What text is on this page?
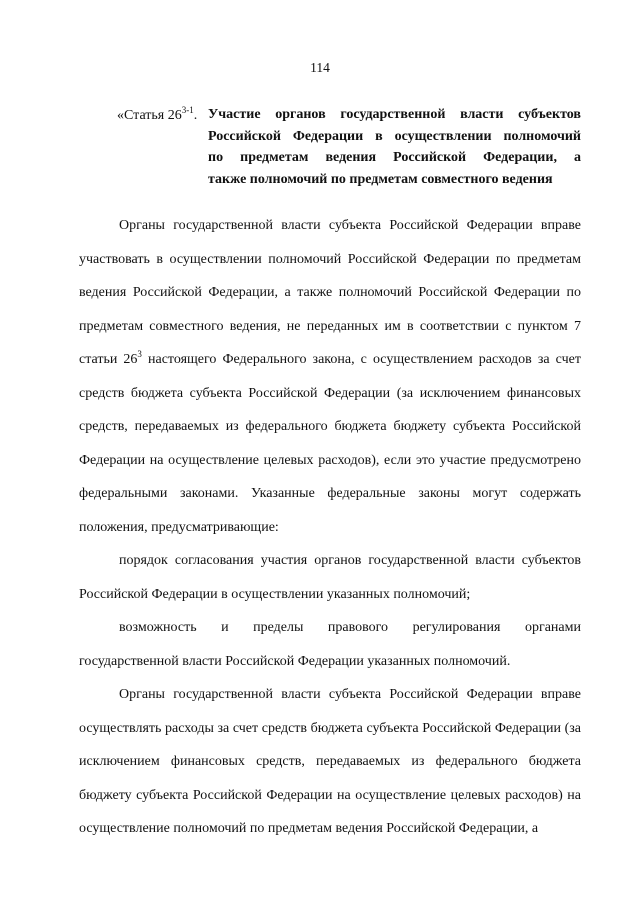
114
«Статья 26$^{3-1}$. Участие органов государственной власти субъектов
Российской Федерации в осуществлении полномочий
по предметам ведения Российской Федерации, а
также полномочий по предметам совместного ведения

Органы государственной власти субъекта Российской Федерации вправе участвовать в осуществлении полномочий Российской Федерации по предметам ведения Российской Федерации, а также полномочий Российской Федерации по предметам совместного ведения, не переданных им в соответствии с пунктом 7 статьи $26^3$ настоящего Федерального закона, с осуществлением расходов за счет средств бюджета субъекта Российской Федерации (за исключением финансовых средств, передаваемых из федерального бюджета бюджету субъекта Российской Федерации на осуществление целевых расходов), если это участие предусмотрено федеральными законами. Указанные федеральные законы могут содержать положения, предусматривающие:

порядок согласования участия органов государственной власти субъектов Российской Федерации в осуществлении указанных полномочий;

возможность и пределы правового регулирования органами

государственной власти Российской Федерации указанных полномочий.

Органы государственной власти субъекта Российской Федерации вправе осуществлять расходы за счет средств бюджета субъекта Российской Федерации (за исключением финансовых средств, передаваемых из федерального бюджета бюджету субъекта Российской Федерации на осуществление целевых расходов) на осуществление полномочий по предметам ведения Российской Федерации, а
